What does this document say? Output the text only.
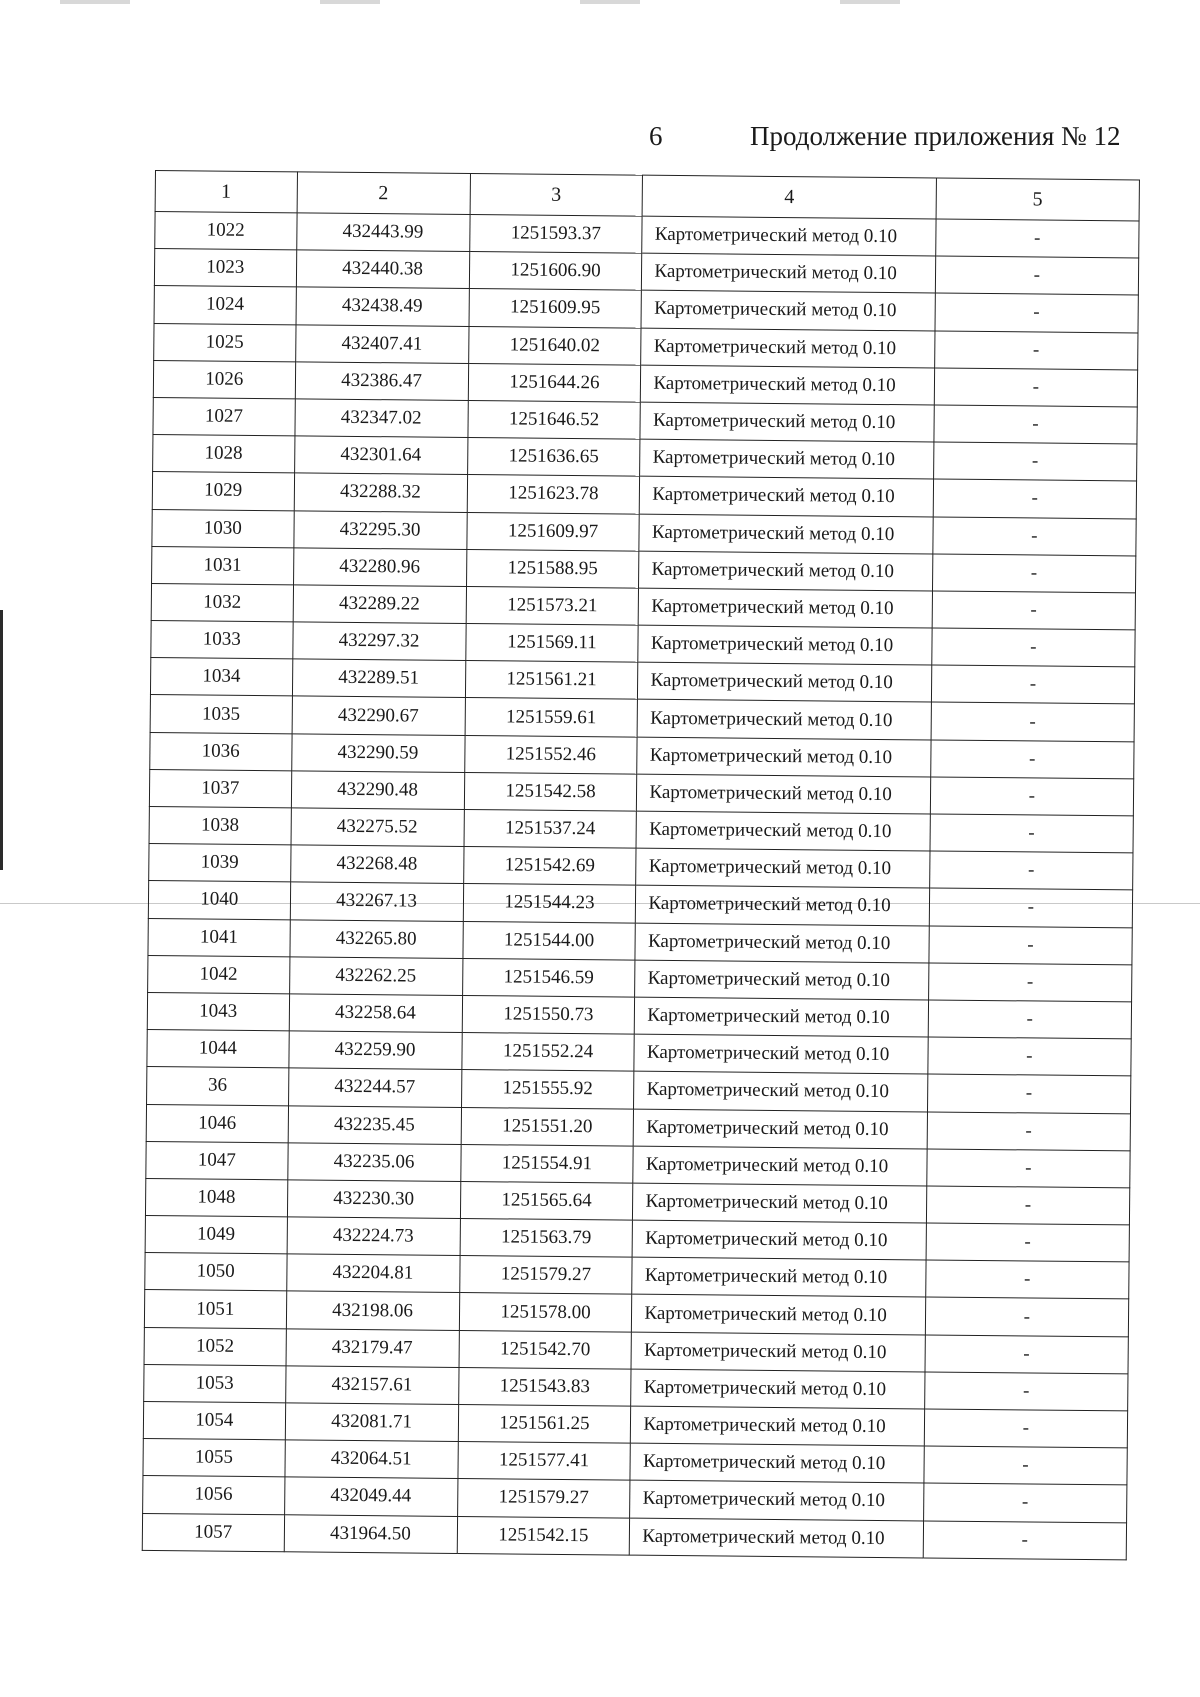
6	Продолжение приложения № 12
1	2	3	4	5
1022	432443.99	1251593.37	Картометрический метод 0.10	-
1023	432440.38	1251606.90	Картометрический метод 0.10	-
1024	432438.49	1251609.95	Картометрический метод 0.10	-
1025	432407.41	1251640.02	Картометрический метод 0.10	-
1026	432386.47	1251644.26	Картометрический метод 0.10	-
1027	432347.02	1251646.52	Картометрический метод 0.10	-
1028	432301.64	1251636.65	Картометрический метод 0.10	-
1029	432288.32	1251623.78	Картометрический метод 0.10	-
1030	432295.30	1251609.97	Картометрический метод 0.10	-
1031	432280.96	1251588.95	Картометрический метод 0.10	-
1032	432289.22	1251573.21	Картометрический метод 0.10	-
1033	432297.32	1251569.11	Картометрический метод 0.10	-
1034	432289.51	1251561.21	Картометрический метод 0.10	-
1035	432290.67	1251559.61	Картометрический метод 0.10	-
1036	432290.59	1251552.46	Картометрический метод 0.10	-
1037	432290.48	1251542.58	Картометрический метод 0.10	-
1038	432275.52	1251537.24	Картометрический метод 0.10	-
1039	432268.48	1251542.69	Картометрический метод 0.10	-
1040	432267.13	1251544.23	Картометрический метод 0.10	-
1041	432265.80	1251544.00	Картометрический метод 0.10	-
1042	432262.25	1251546.59	Картометрический метод 0.10	-
1043	432258.64	1251550.73	Картометрический метод 0.10	-
1044	432259.90	1251552.24	Картометрический метод 0.10	-
36	432244.57	1251555.92	Картометрический метод 0.10	-
1046	432235.45	1251551.20	Картометрический метод 0.10	-
1047	432235.06	1251554.91	Картометрический метод 0.10	-
1048	432230.30	1251565.64	Картометрический метод 0.10	-
1049	432224.73	1251563.79	Картометрический метод 0.10	-
1050	432204.81	1251579.27	Картометрический метод 0.10	-
1051	432198.06	1251578.00	Картометрический метод 0.10	-
1052	432179.47	1251542.70	Картометрический метод 0.10	-
1053	432157.61	1251543.83	Картометрический метод 0.10	-
1054	432081.71	1251561.25	Картометрический метод 0.10	-
1055	432064.51	1251577.41	Картометрический метод 0.10	-
1056	432049.44	1251579.27	Картометрический метод 0.10	-
1057	431964.50	1251542.15	Картометрический метод 0.10	-
